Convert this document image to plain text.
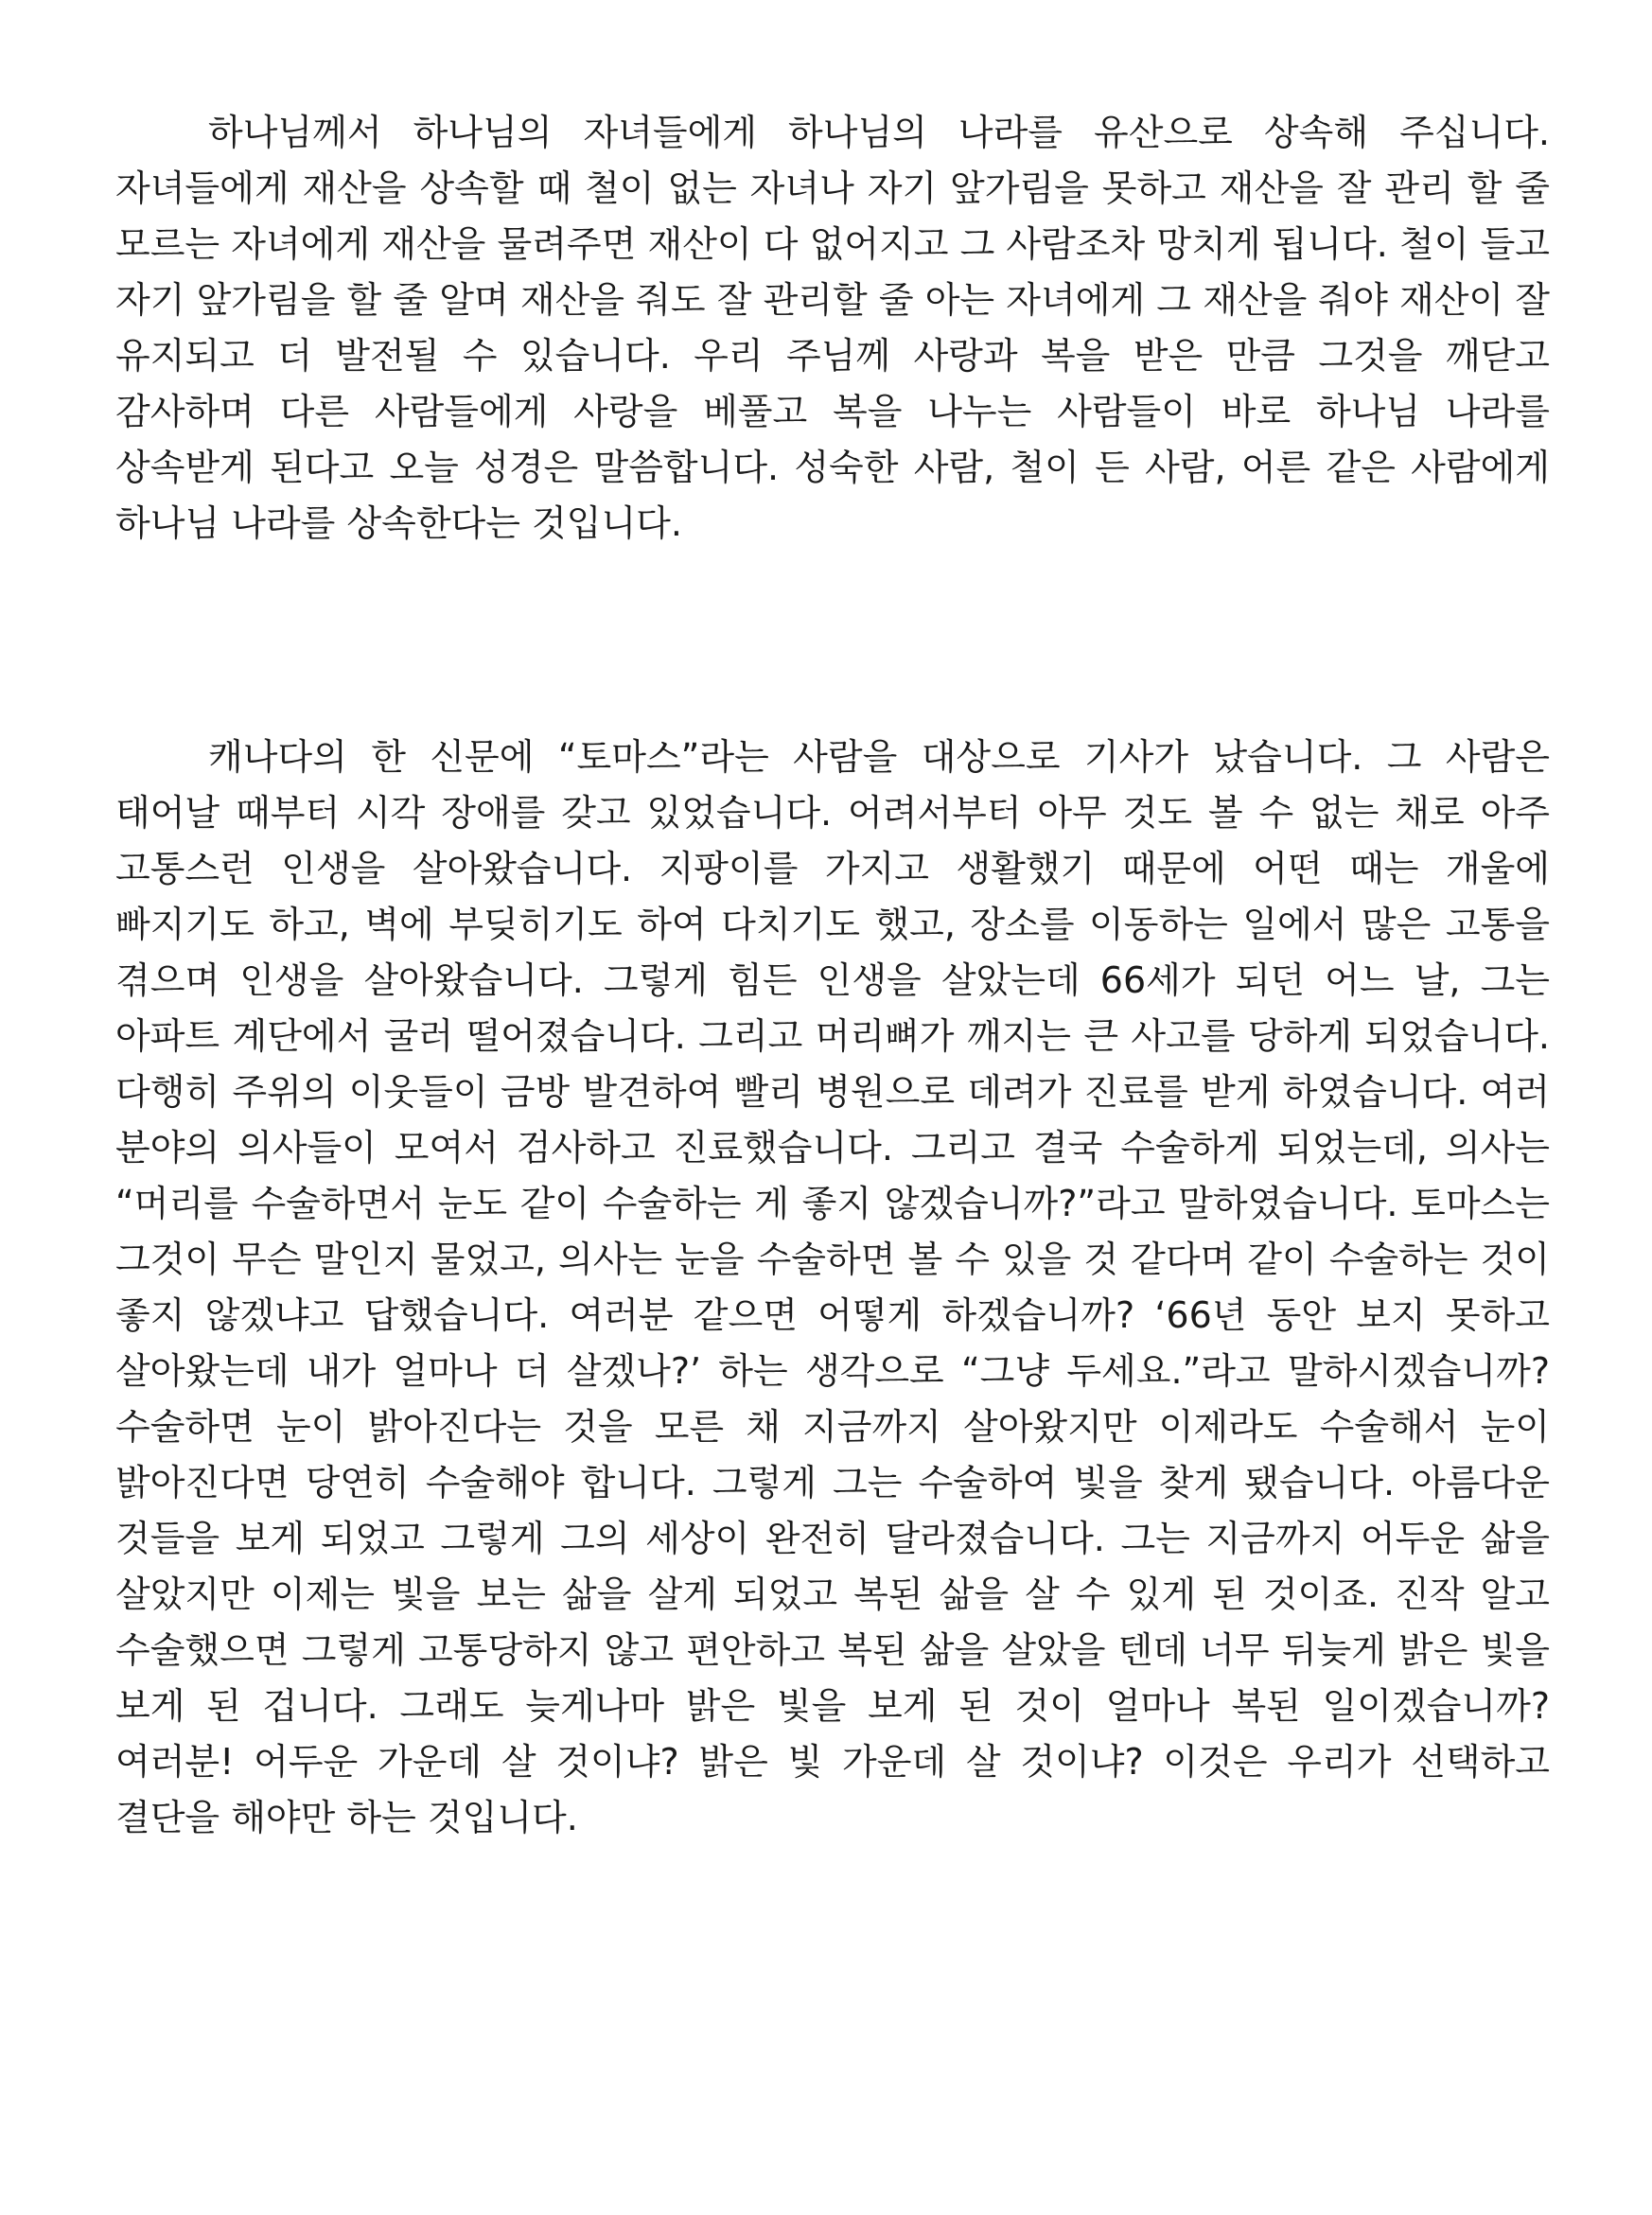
하나님께서 하나님의 자녀들에게 하나님의 나라를 유산으로 상속해 주십니다. 자녀들에게 재산을 상속할 때 철이 없는 자녀나 자기 앞가림을 못하고 재산을 잘 관리 할 줄 모르는 자녀에게 재산을 물려주면 재산이 다 없어지고 그 사람조차 망치게 됩니다. 철이 들고 자기 앞가림을 할 줄 알며 재산을 줘도 잘 관리할 줄 아는 자녀에게 그 재산을 줘야 재산이 잘 유지되고 더 발전될 수 있습니다. 우리 주님께 사랑과 복을 받은 만큼 그것을 깨닫고 감사하며 다른 사람들에게 사랑을 베풀고 복을 나누는 사람들이 바로 하나님 나라를 상속받게 된다고 오늘 성경은 말씀합니다. 성숙한 사람, 철이 든 사람, 어른 같은 사람에게 하나님 나라를 상속한다는 것입니다.

캐나다의 한 신문에 “토마스”라는 사람을 대상으로 기사가 났습니다. 그 사람은 태어날 때부터 시각 장애를 갖고 있었습니다. 어려서부터 아무 것도 볼 수 없는 채로 아주 고통스런 인생을 살아왔습니다. 지팡이를 가지고 생활했기 때문에 어떤 때는 개울에 빠지기도 하고, 벽에 부딪히기도 하여 다치기도 했고, 장소를 이동하는 일에서 많은 고통을 겪으며 인생을 살아왔습니다. 그렇게 힘든 인생을 살았는데 66세가 되던 어느 날, 그는 아파트 계단에서 굴러 떨어졌습니다. 그리고 머리뼈가 깨지는 큰 사고를 당하게 되었습니다. 다행히 주위의 이웃들이 금방 발견하여 빨리 병원으로 데려가 진료를 받게 하였습니다. 여러 분야의 의사들이 모여서 검사하고 진료했습니다. 그리고 결국 수술하게 되었는데, 의사는 “머리를 수술하면서 눈도 같이 수술하는 게 좋지 않겠습니까?”라고 말하였습니다. 토마스는 그것이 무슨 말인지 물었고, 의사는 눈을 수술하면 볼 수 있을 것 같다며 같이 수술하는 것이 좋지 않겠냐고 답했습니다. 여러분 같으면 어떻게 하겠습니까? ‘66년 동안 보지 못하고 살아왔는데 내가 얼마나 더 살겠나?’ 하는 생각으로 “그냥 두세요.”라고 말하시겠습니까? 수술하면 눈이 밝아진다는 것을 모른 채 지금까지 살아왔지만 이제라도 수술해서 눈이 밝아진다면 당연히 수술해야 합니다. 그렇게 그는 수술하여 빛을 찾게 됐습니다. 아름다운 것들을 보게 되었고 그렇게 그의 세상이 완전히 달라졌습니다. 그는 지금까지 어두운 삶을 살았지만 이제는 빛을 보는 삶을 살게 되었고 복된 삶을 살 수 있게 된 것이죠. 진작 알고 수술했으면 그렇게 고통당하지 않고 편안하고 복된 삶을 살았을 텐데 너무 뒤늦게 밝은 빛을 보게 된 겁니다. 그래도 늦게나마 밝은 빛을 보게 된 것이 얼마나 복된 일이겠습니까? 여러분! 어두운 가운데 살 것이냐? 밝은 빛 가운데 살 것이냐? 이것은 우리가 선택하고 결단을 해야만 하는 것입니다.
